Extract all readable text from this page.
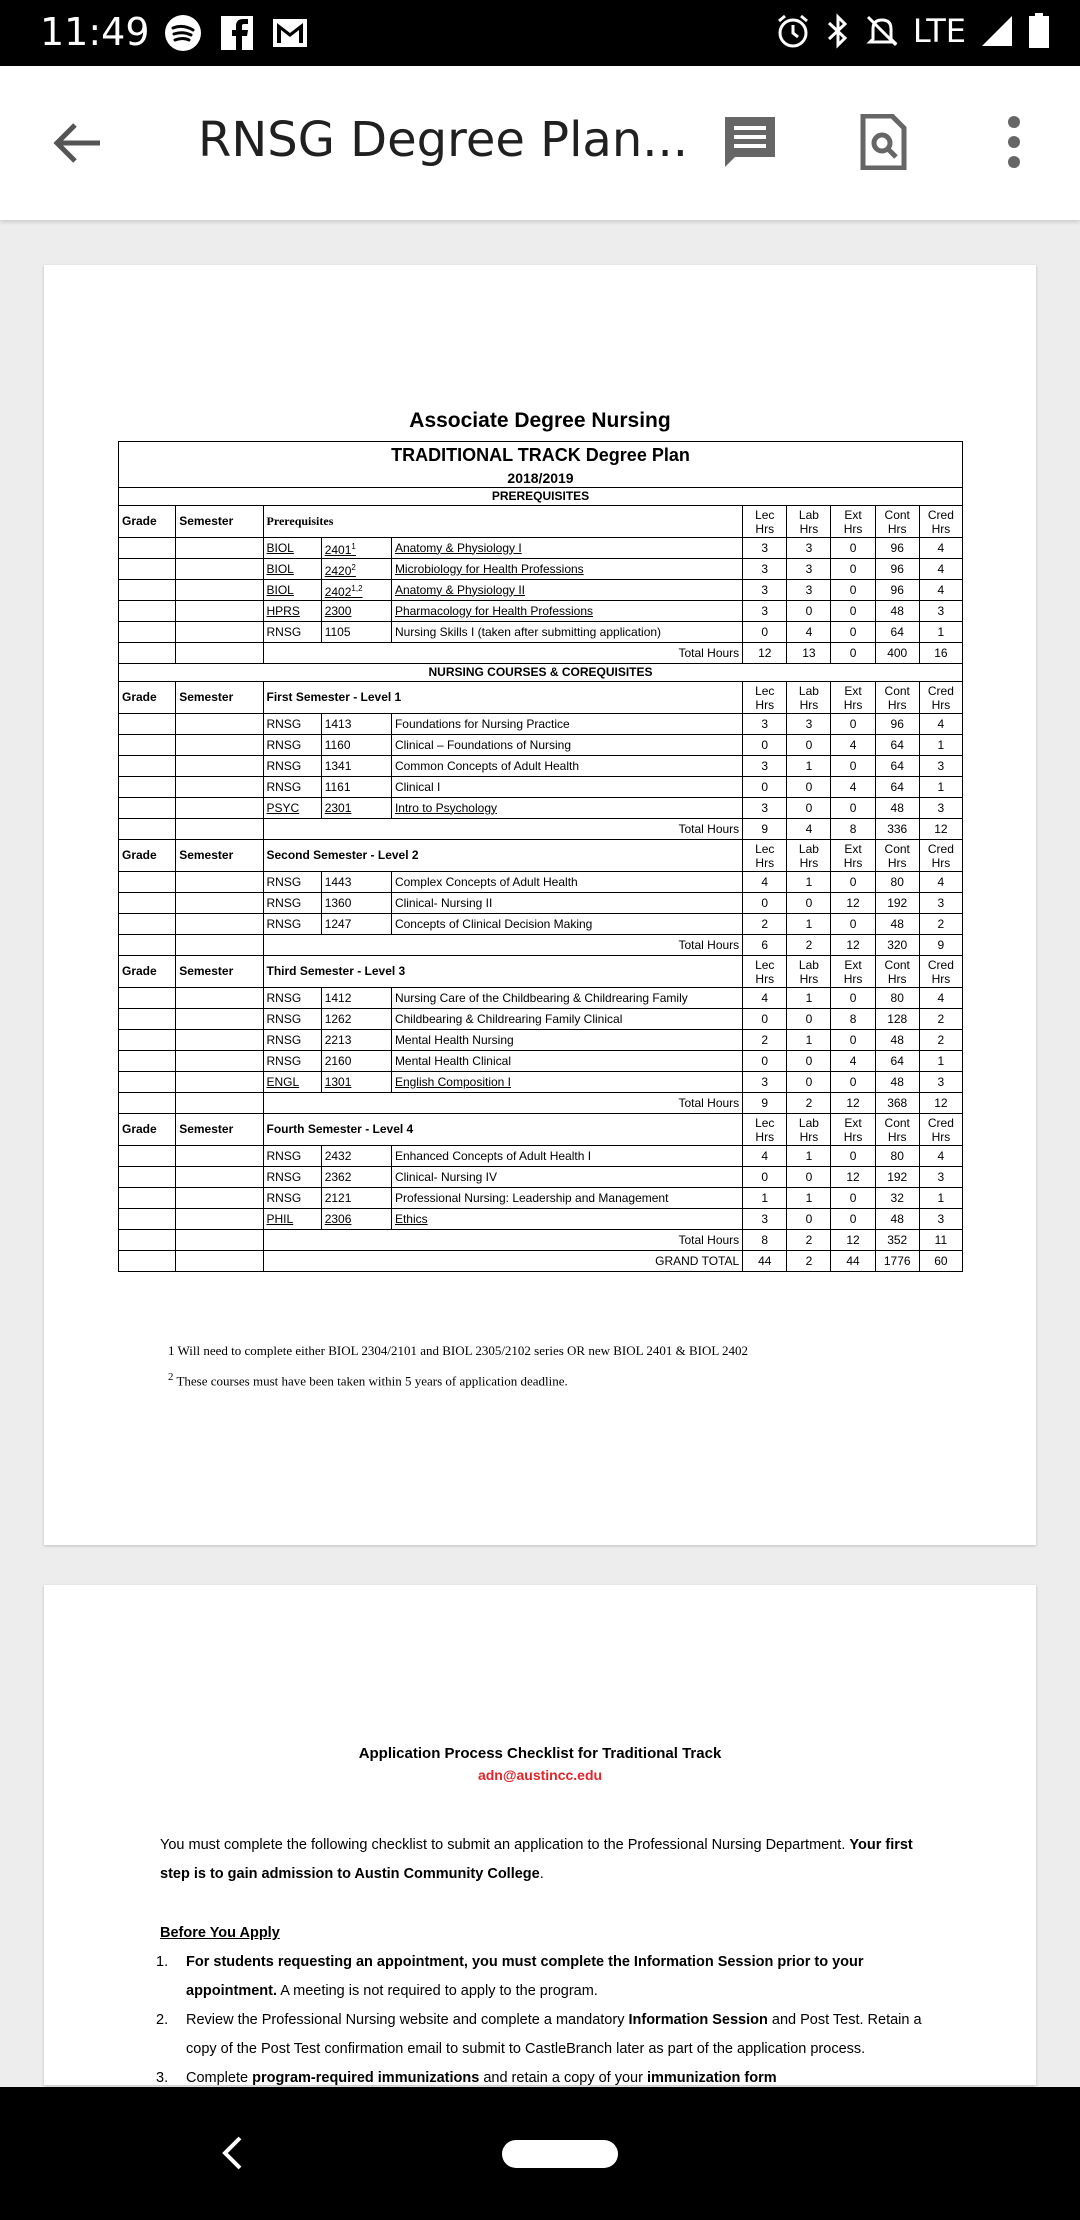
11:49	LTE
RNSG Degree Plan...
Associate Degree Nursing
TRADITIONAL TRACK Degree Plan									
2018/2019									
PREREQUISITES									
Grade	Semester	Prerequisites			Lec Hrs	Lab Hrs	Ext Hrs	Cont Hrs	Cred Hrs
		BIOL	2401$^1$	Anatomy & Physiology I	3	3	0	96	4
		BIOL	2420$^2$	Microbiology for Health Professions	3	3	0	96	4
		BIOL	2402$^{1,2}$	Anatomy & Physiology II	3	3	0	96	4
		HPRS	2300	Pharmacology for Health Professions	3	0	0	48	3
		RNSG	1105	Nursing Skills I (taken after submitting application)	0	4	0	64	1
		Total Hours			12	13	0	400	16
NURSING COURSES & COREQUISITES									
Grade	Semester	First Semester - Level 1			Lec Hrs	Lab Hrs	Ext Hrs	Cont Hrs	Cred Hrs
		RNSG	1413	Foundations for Nursing Practice	3	3	0	96	4
		RNSG	1160	Clinical – Foundations of Nursing	0	0	4	64	1
		RNSG	1341	Common Concepts of Adult Health	3	1	0	64	3
		RNSG	1161	Clinical I	0	0	4	64	1
		PSYC	2301	Intro to Psychology	3	0	0	48	3
		Total Hours			9	4	8	336	12
Grade	Semester	Second Semester - Level 2			Lec Hrs	Lab Hrs	Ext Hrs	Cont Hrs	Cred Hrs
		RNSG	1443	Complex Concepts of Adult Health	4	1	0	80	4
		RNSG	1360	Clinical- Nursing II	0	0	12	192	3
		RNSG	1247	Concepts of Clinical Decision Making	2	1	0	48	2
		Total Hours			6	2	12	320	9
Grade	Semester	Third Semester - Level 3			Lec Hrs	Lab Hrs	Ext Hrs	Cont Hrs	Cred Hrs
		RNSG	1412	Nursing Care of the Childbearing & Childrearing Family	4	1	0	80	4
		RNSG	1262	Childbearing & Childrearing Family Clinical	0	0	8	128	2
		RNSG	2213	Mental Health Nursing	2	1	0	48	2
		RNSG	2160	Mental Health Clinical	0	0	4	64	1
		ENGL	1301	English Composition I	3	0	0	48	3
		Total Hours			9	2	12	368	12
Grade	Semester	Fourth Semester - Level 4			Lec Hrs	Lab Hrs	Ext Hrs	Cont Hrs	Cred Hrs
		RNSG	2432	Enhanced Concepts of Adult Health I	4	1	0	80	4
		RNSG	2362	Clinical- Nursing IV	0	0	12	192	3
		RNSG	2121	Professional Nursing: Leadership and Management	1	1	0	32	1
		PHIL	2306	Ethics	3	0	0	48	3
		Total Hours			8	2	12	352	11
		GRAND TOTAL			44	2	44	1776	60
1 Will need to complete either BIOL 2304/2101 and BIOL 2305/2102 series OR new BIOL 2401 & BIOL 2402
$^2$ These courses must have been taken within 5 years of application deadline.
Application Process Checklist for Traditional Track
adn@austincc.edu
You must complete the following checklist to submit an application to the Professional Nursing Department. Your first step is to gain admission to Austin Community College.
Before You Apply
1. For students requesting an appointment, you must complete the Information Session prior to your appointment. A meeting is not required to apply to the program.
2. Review the Professional Nursing website and complete a mandatory Information Session and Post Test. Retain a copy of the Post Test confirmation email to submit to CastleBranch later as part of the application process.
3. Complete program-required immunizations and retain a copy of your immunization form
